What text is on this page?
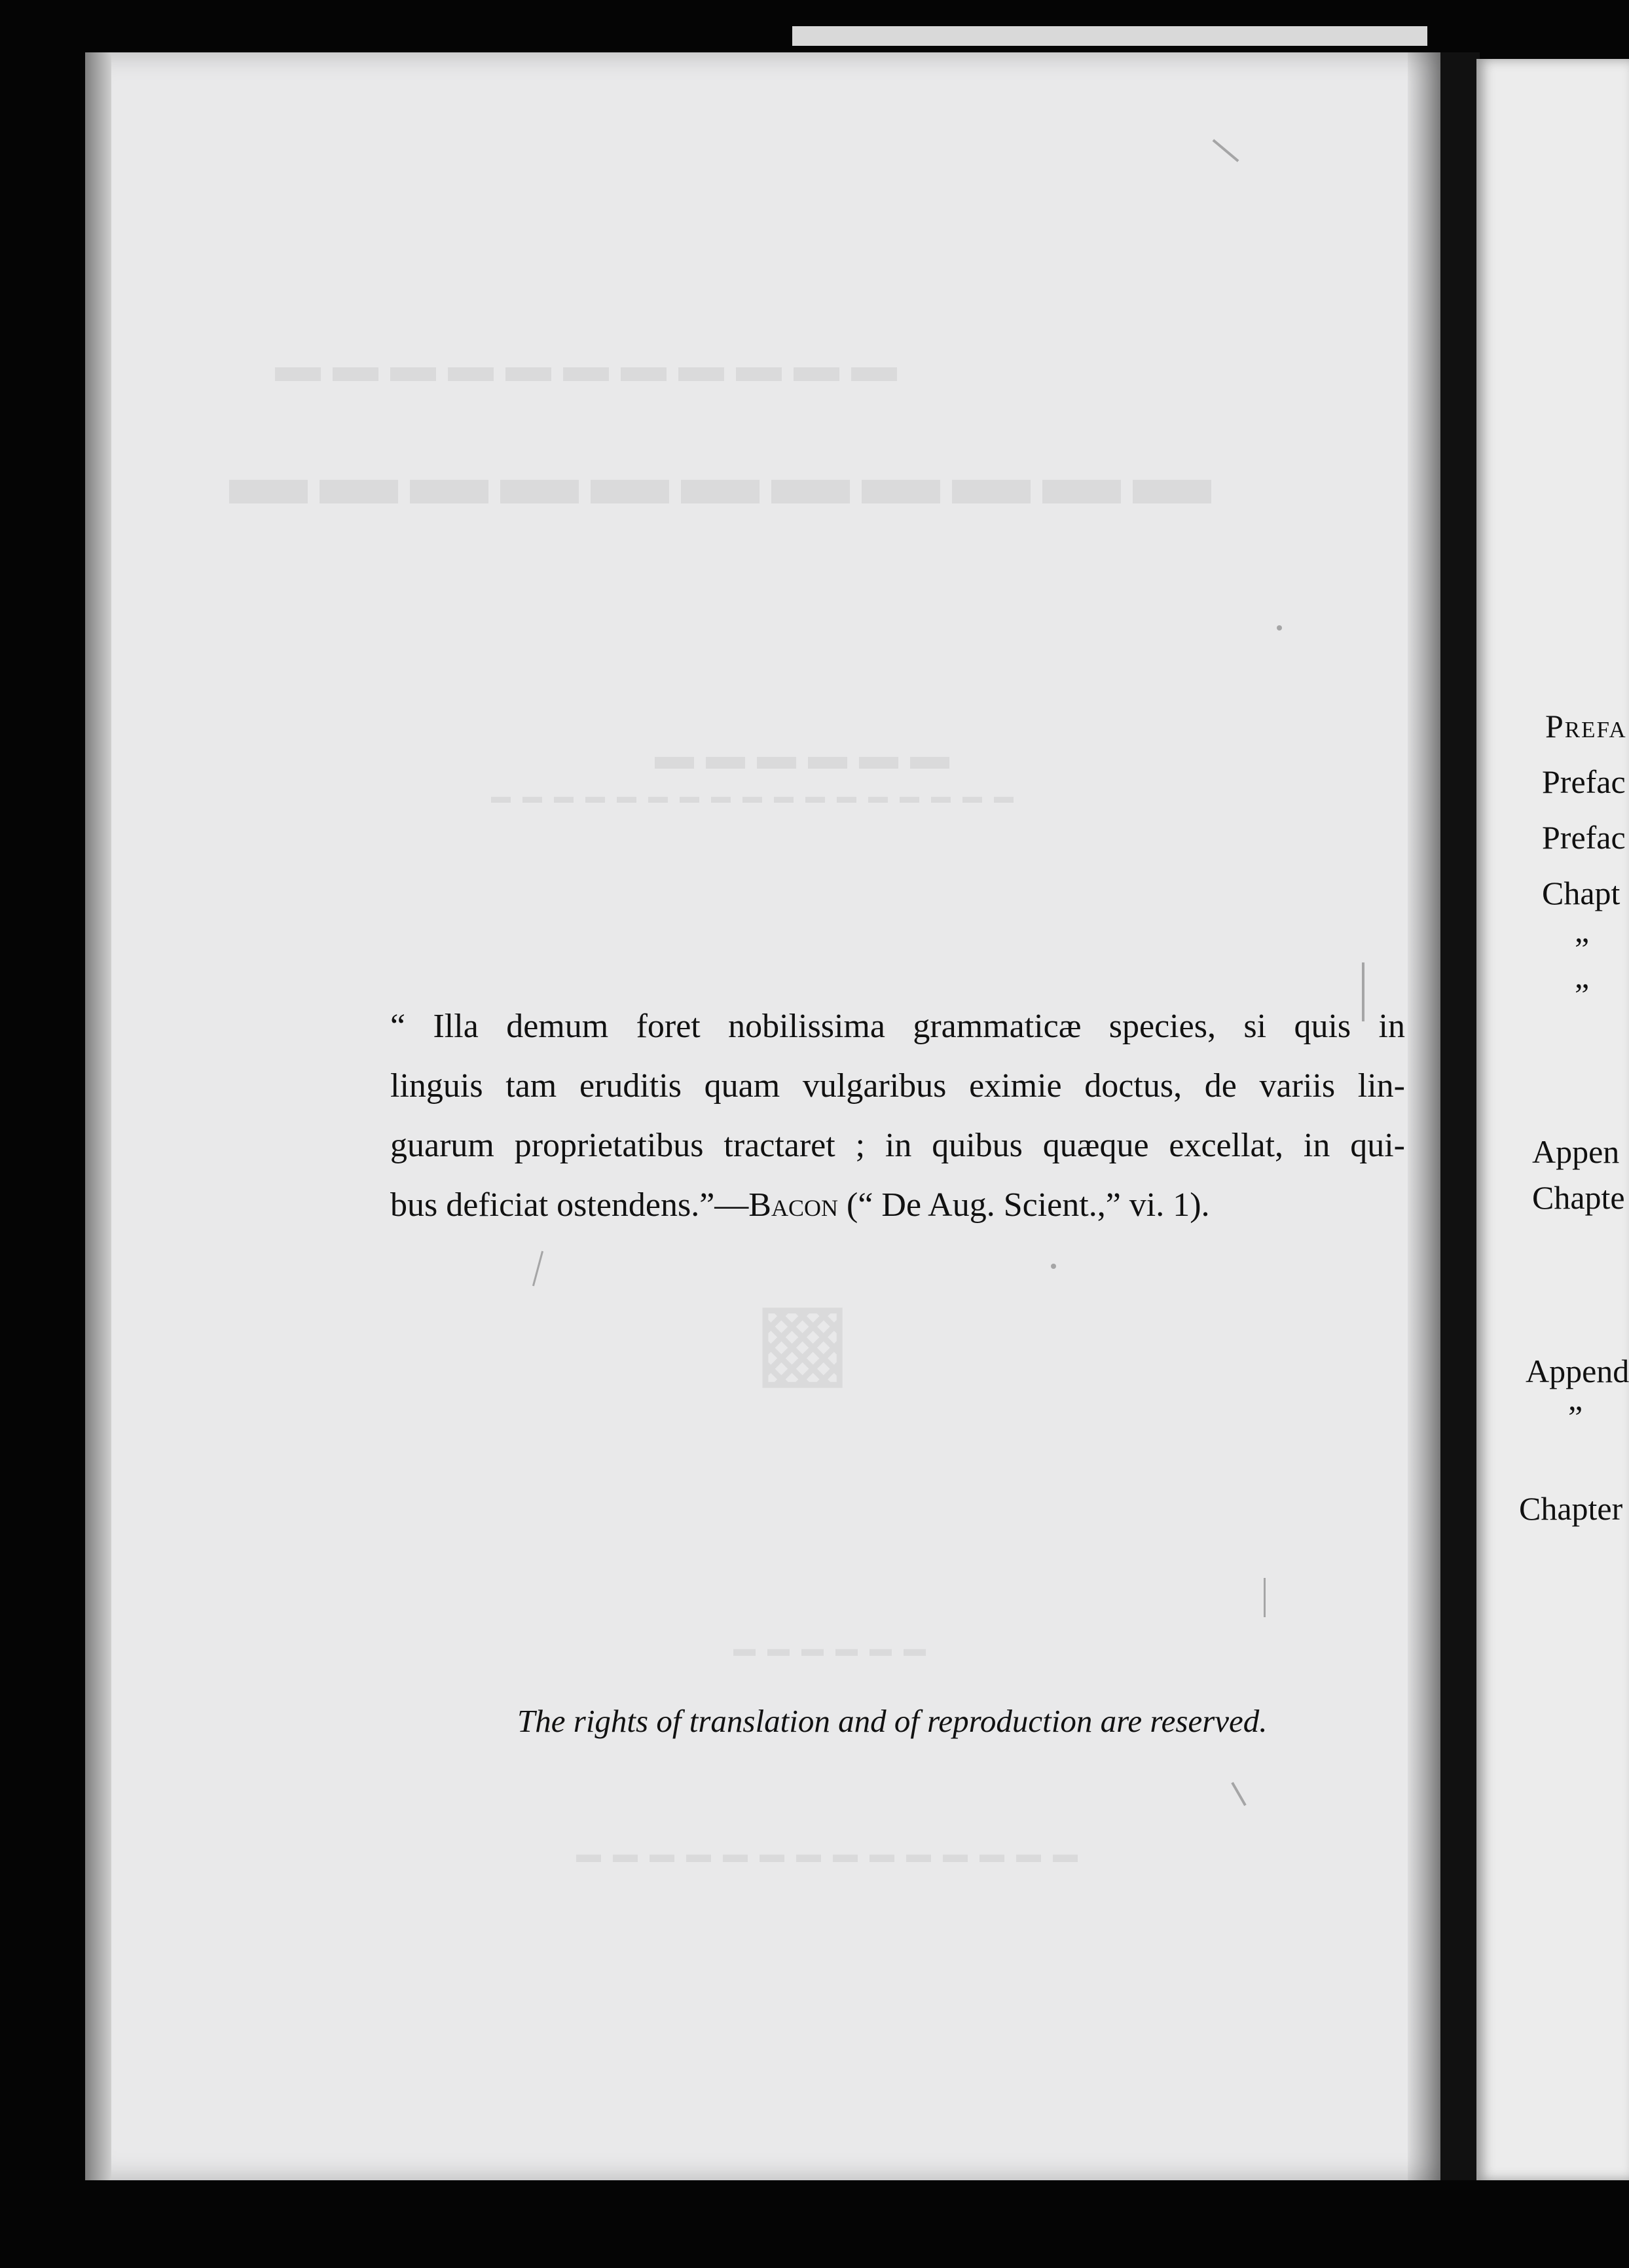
▬▬▬▬▬▬▬▬▬▬▬
▬▬▬▬▬▬▬▬▬▬▬
▬▬▬▬▬▬
▬▬▬▬▬▬▬▬▬▬▬▬▬▬▬▬▬
▩
▬▬▬▬▬▬
▬▬▬▬▬▬▬▬▬▬▬▬▬▬
“ Illa demum foret nobilissima grammaticæ species, si quis in
linguis tam eruditis quam vulgaribus eximie doctus, de variis lin-
guarum proprietatibus tractaret ; in quibus quæque excellat, in qui-
bus deficiat ostendens.”—Bacon (“ De Aug. Scient.,” vi. 1).
The rights of translation and of reproduction are reserved.
Prefa
Prefac
Prefac
Chapt
”
”
Appen
Chapte
Append
”
Chapter
